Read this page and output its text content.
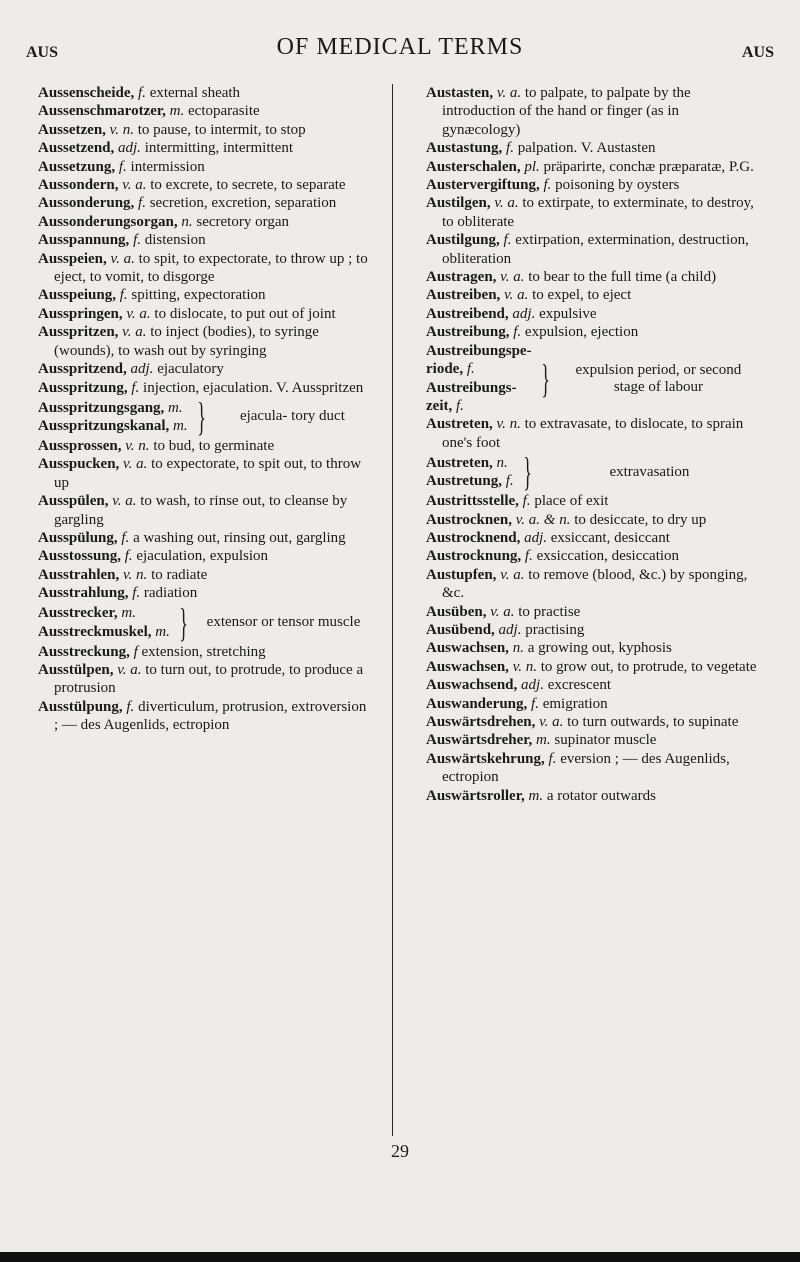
AUS	OF MEDICAL TERMS	AUS
Aussenscheide, f. external sheath
Aussenschmarotzer, m. ectoparasite
Aussetzen, v. n. to pause, to intermit, to stop
Aussetzend, adj. intermitting, intermittent
Aussetzung, f. intermission
Aussondern, v. a. to excrete, to secrete, to separate
Aussonderung, f. secretion, excretion, separation
Aussonderungsorgan, n. secretory organ
Ausspannung, f. distension
Ausspeien, v. a. to spit, to expectorate, to throw up ; to eject, to vomit, to disgorge
Ausspeiung, f. spitting, expectoration
Ausspringen, v. a. to dislocate, to put out of joint
Ausspritzen, v. a. to inject (bodies), to syringe (wounds), to wash out by syringing
Ausspritzend, adj. ejaculatory
Ausspritzung, f. injection, ejaculation. V. Ausspritzen
Ausspritzungsgang, m.
Ausspritzungskanal, m. }	ejacula- tory duct
Aussprossen, v. n. to bud, to germinate
Ausspucken, v. a. to expectorate, to spit out, to throw up
Ausspülen, v. a. to wash, to rinse out, to cleanse by gargling
Ausspülung, f. a washing out, rinsing out, gargling
Ausstossung, f. ejaculation, expulsion
Ausstrahlen, v. n. to radiate
Ausstrahlung, f. radiation
Ausstrecker, m.
Ausstreckmuskel, m. }	extensor or tensor muscle
Ausstreckung, f extension, stretching
Ausstülpen, v. a. to turn out, to protrude, to produce a protrusion
Ausstülpung, f. diverticulum, protrusion, extroversion ; — des Augenlids, ectropion
Austasten, v. a. to palpate, to palpate by the introduction of the hand or finger (as in gynæcology)
Austastung, f. palpation. V. Austasten
Austerschalen, pl. präparirte, conchæ præparatæ, P.G.
Austervergiftung, f. poisoning by oysters
Austilgen, v. a. to extirpate, to exterminate, to destroy, to obliterate
Austilgung, f. extirpation, extermination, destruction, obliteration
Austragen, v. a. to bear to the full time (a child)
Austreiben, v. a. to expel, to eject
Austreibend, adj. expulsive
Austreibung, f. expulsion, ejection
Austreibungspe-
riode, f.
Austreibungs-
zeit, f.
}	expulsion period, or second stage of labour
Austreten, v. n. to extravasate, to dislocate, to sprain one's foot
Austreten, n.
Austretung, f. }	extravasation
Austrittsstelle, f. place of exit
Austrocknen, v. a. & n. to desiccate, to dry up
Austrocknend, adj. exsiccant, desiccant
Austrocknung, f. exsiccation, desiccation
Austupfen, v. a. to remove (blood, &c.) by sponging, &c.
Ausüben, v. a. to practise
Ausübend, adj. practising
Auswachsen, n. a growing out, kyphosis
Auswachsen, v. n. to grow out, to protrude, to vegetate
Auswachsend, adj. excrescent
Auswanderung, f. emigration
Auswärtsdrehen, v. a. to turn outwards, to supinate
Auswärtsdreher, m. supinator muscle
Auswärtskehrung, f. eversion ; — des Augenlids, ectropion
Auswärtsroller, m. a rotator outwards
29
